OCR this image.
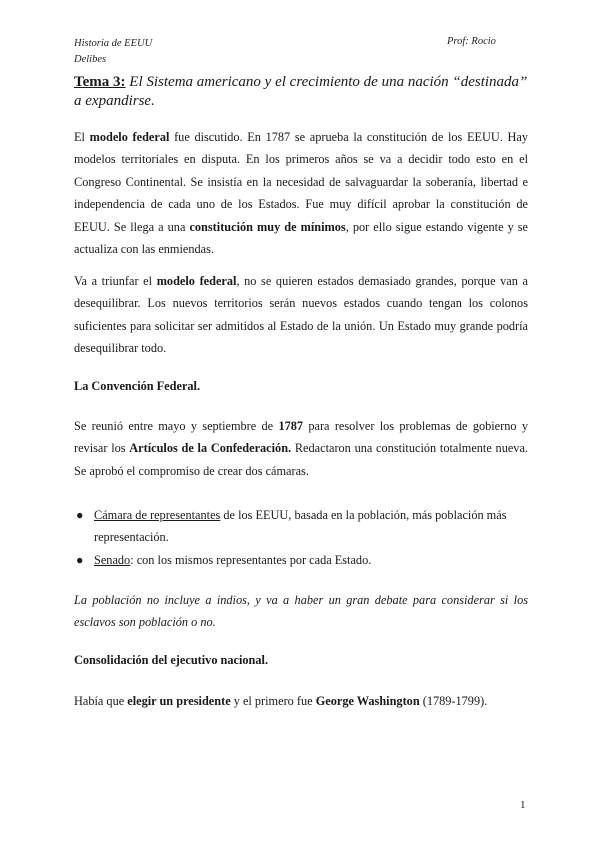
Historia de EEUU
Delibes
Prof: Rocio
Tema 3: El Sistema americano y el crecimiento de una nación “destinada” a expandirse.

El modelo federal fue discutido. En 1787 se aprueba la constitución de los EEUU. Hay modelos territoriales en disputa. En los primeros años se va a decidir todo esto en el Congreso Continental. Se insistía en la necesidad de salvaguardar la soberanía, libertad e independencia de cada uno de los Estados. Fue muy difícil aprobar la constitución de EEUU. Se llega a una constitución muy de mínimos, por ello sigue estando vigente y se actualiza con las enmiendas.

Va a triunfar el modelo federal, no se quieren estados demasiado grandes, porque van a desequilibrar. Los nuevos territorios serán nuevos estados cuando tengan los colonos suficientes para solicitar ser admitidos al Estado de la unión. Un Estado muy grande podría desequilibrar todo.

La Convención Federal.

Se reunió entre mayo y septiembre de 1787 para resolver los problemas de gobierno y revisar los Artículos de la Confederación. Redactaron una constitución totalmente nueva. Se aprobó el compromiso de crear dos cámaras.

● Cámara de representantes de los EEUU, basada en la población, más población más representación.
● Senado: con los mismos representantes por cada Estado.

La población no incluye a indios, y va a haber un gran debate para considerar si los esclavos son población o no.

Consolidación del ejecutivo nacional.

Había que elegir un presidente y el primero fue George Washington (1789-1799).

1
